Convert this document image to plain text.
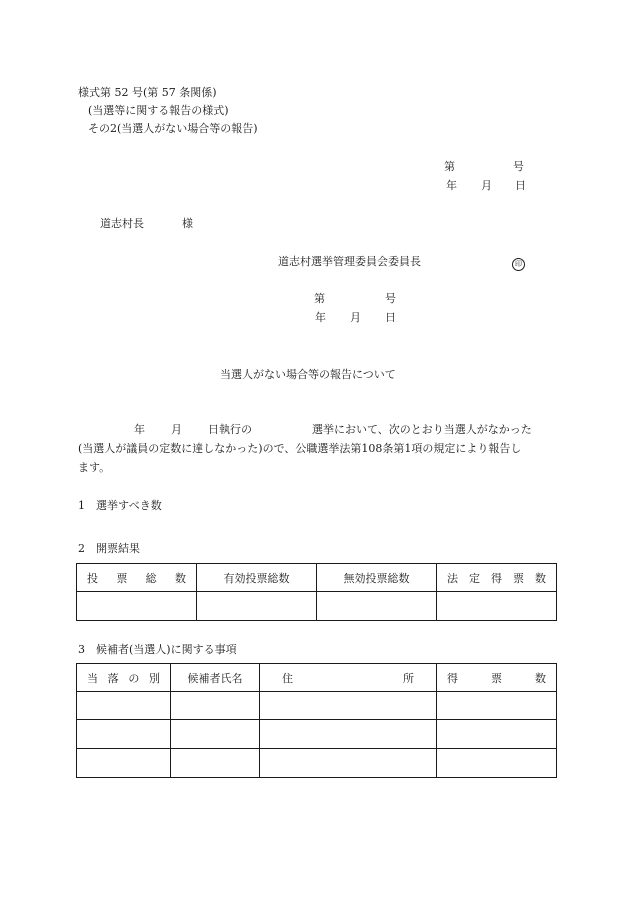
様式第 52 号(第 57 条関係)
(当選等に関する報告の様式)
その2(当選人がない場合等の報告)
第	号
年 月 日
道志村長	様
道志村選挙管理委員会委員長	印
第	号
年 月 日
当選人がない場合等の報告について
年 月 日執行の	選挙において、次のとおり当選人がなかった
(当選人が議員の定数に達しなかった)ので、公職選挙法第108条第1項の規定により報告し
ます。
1 選挙すべき数
2 開票結果
投 票 総 数	有効投票総数	無効投票総数	法 定 得 票 数

3 候補者(当選人)に関する事項
当 落 の 別	候補者氏名	住 所	得 票 数
